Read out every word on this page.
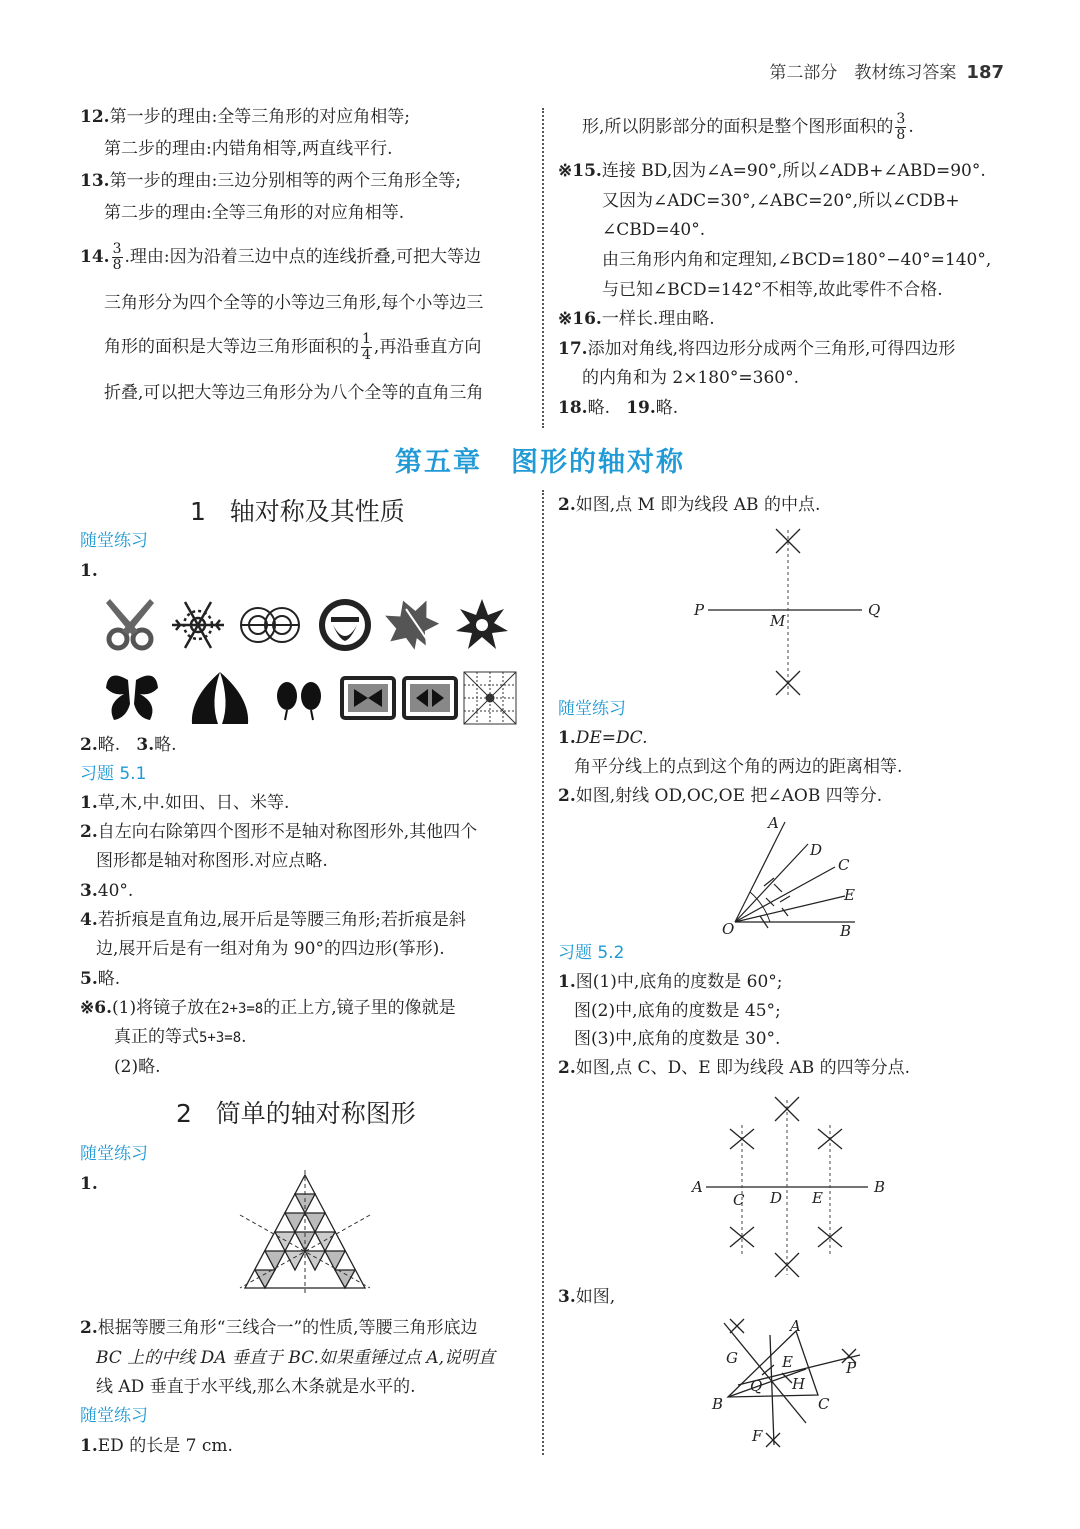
第二部分　教材练习答案 187
12.第一步的理由:全等三角形的对应角相等;
第二步的理由:内错角相等,两直线平行.
13.第一步的理由:三边分别相等的两个三角形全等;
第二步的理由:全等三角形的对应角相等.
14. $\frac{3}{8}$ .理由:因为沿着三边中点的连线折叠,可把大等边
三角形分为四个全等的小等边三角形,每个小等边三
角形的面积是大等边三角形面积的 $\frac{1}{4}$ ,再沿垂直方向
折叠,可以把大等边三角形分为八个全等的直角三角
形,所以阴影部分的面积是整个图形面积的 $\frac{3}{8}$ .
※15.连接 BD,因为∠A=90°,所以∠ADB+∠ABD=90°.
又因为∠ADC=30°,∠ABC=20°,所以∠CDB+
∠CBD=40°.
由三角形内角和定理知,∠BCD=180°−40°=140°,
与已知∠BCD=142°不相等,故此零件不合格.
※16.一样长.理由略.
17.添加对角线,将四边形分成两个三角形,可得四边形
的内角和为 2×180°=360°.
18.略. 19.略.
第五章　图形的轴对称
1 轴对称及其性质
随堂练习
1.
2.略. 3.略.
习题 5.1
1.草,木,中.如田、日、米等.
2.自左向右除第四个图形不是轴对称图形外,其他四个
图形都是轴对称图形.对应点略.
3.40°.
4.若折痕是直角边,展开后是等腰三角形;若折痕是斜
边,展开后是有一组对角为 90°的四边形(筝形).
5.略.
※6.(1)将镜子放在2+3=8的正上方,镜子里的像就是
真正的等式5+3=8.
(2)略.
2 简单的轴对称图形
随堂练习
1.
2.根据等腰三角形“三线合一”的性质,等腰三角形底边
BC 上的中线 DA 垂直于 BC.如果重锤过点 A,说明直
线 AD 垂直于水平线,那么木条就是水平的.
随堂练习
1.ED 的长是 7 cm.
2.如图,点 M 即为线段 AB 的中点.
P
M
Q
随堂练习
1.DE=DC.
角平分线上的点到这个角的两边的距离相等.
2.如图,射线 OD,OC,OE 把∠AOB 四等分.
A
D
C
E
O	B
习题 5.2
1.图(1)中,底角的度数是 60°;
图(2)中,底角的度数是 45°;
图(3)中,底角的度数是 30°.
2.如图,点 C、D、E 即为线段 AB 的四等分点.
A
C D E
B
3.如图,
A
G	E	P
H
Q
B	C
F
